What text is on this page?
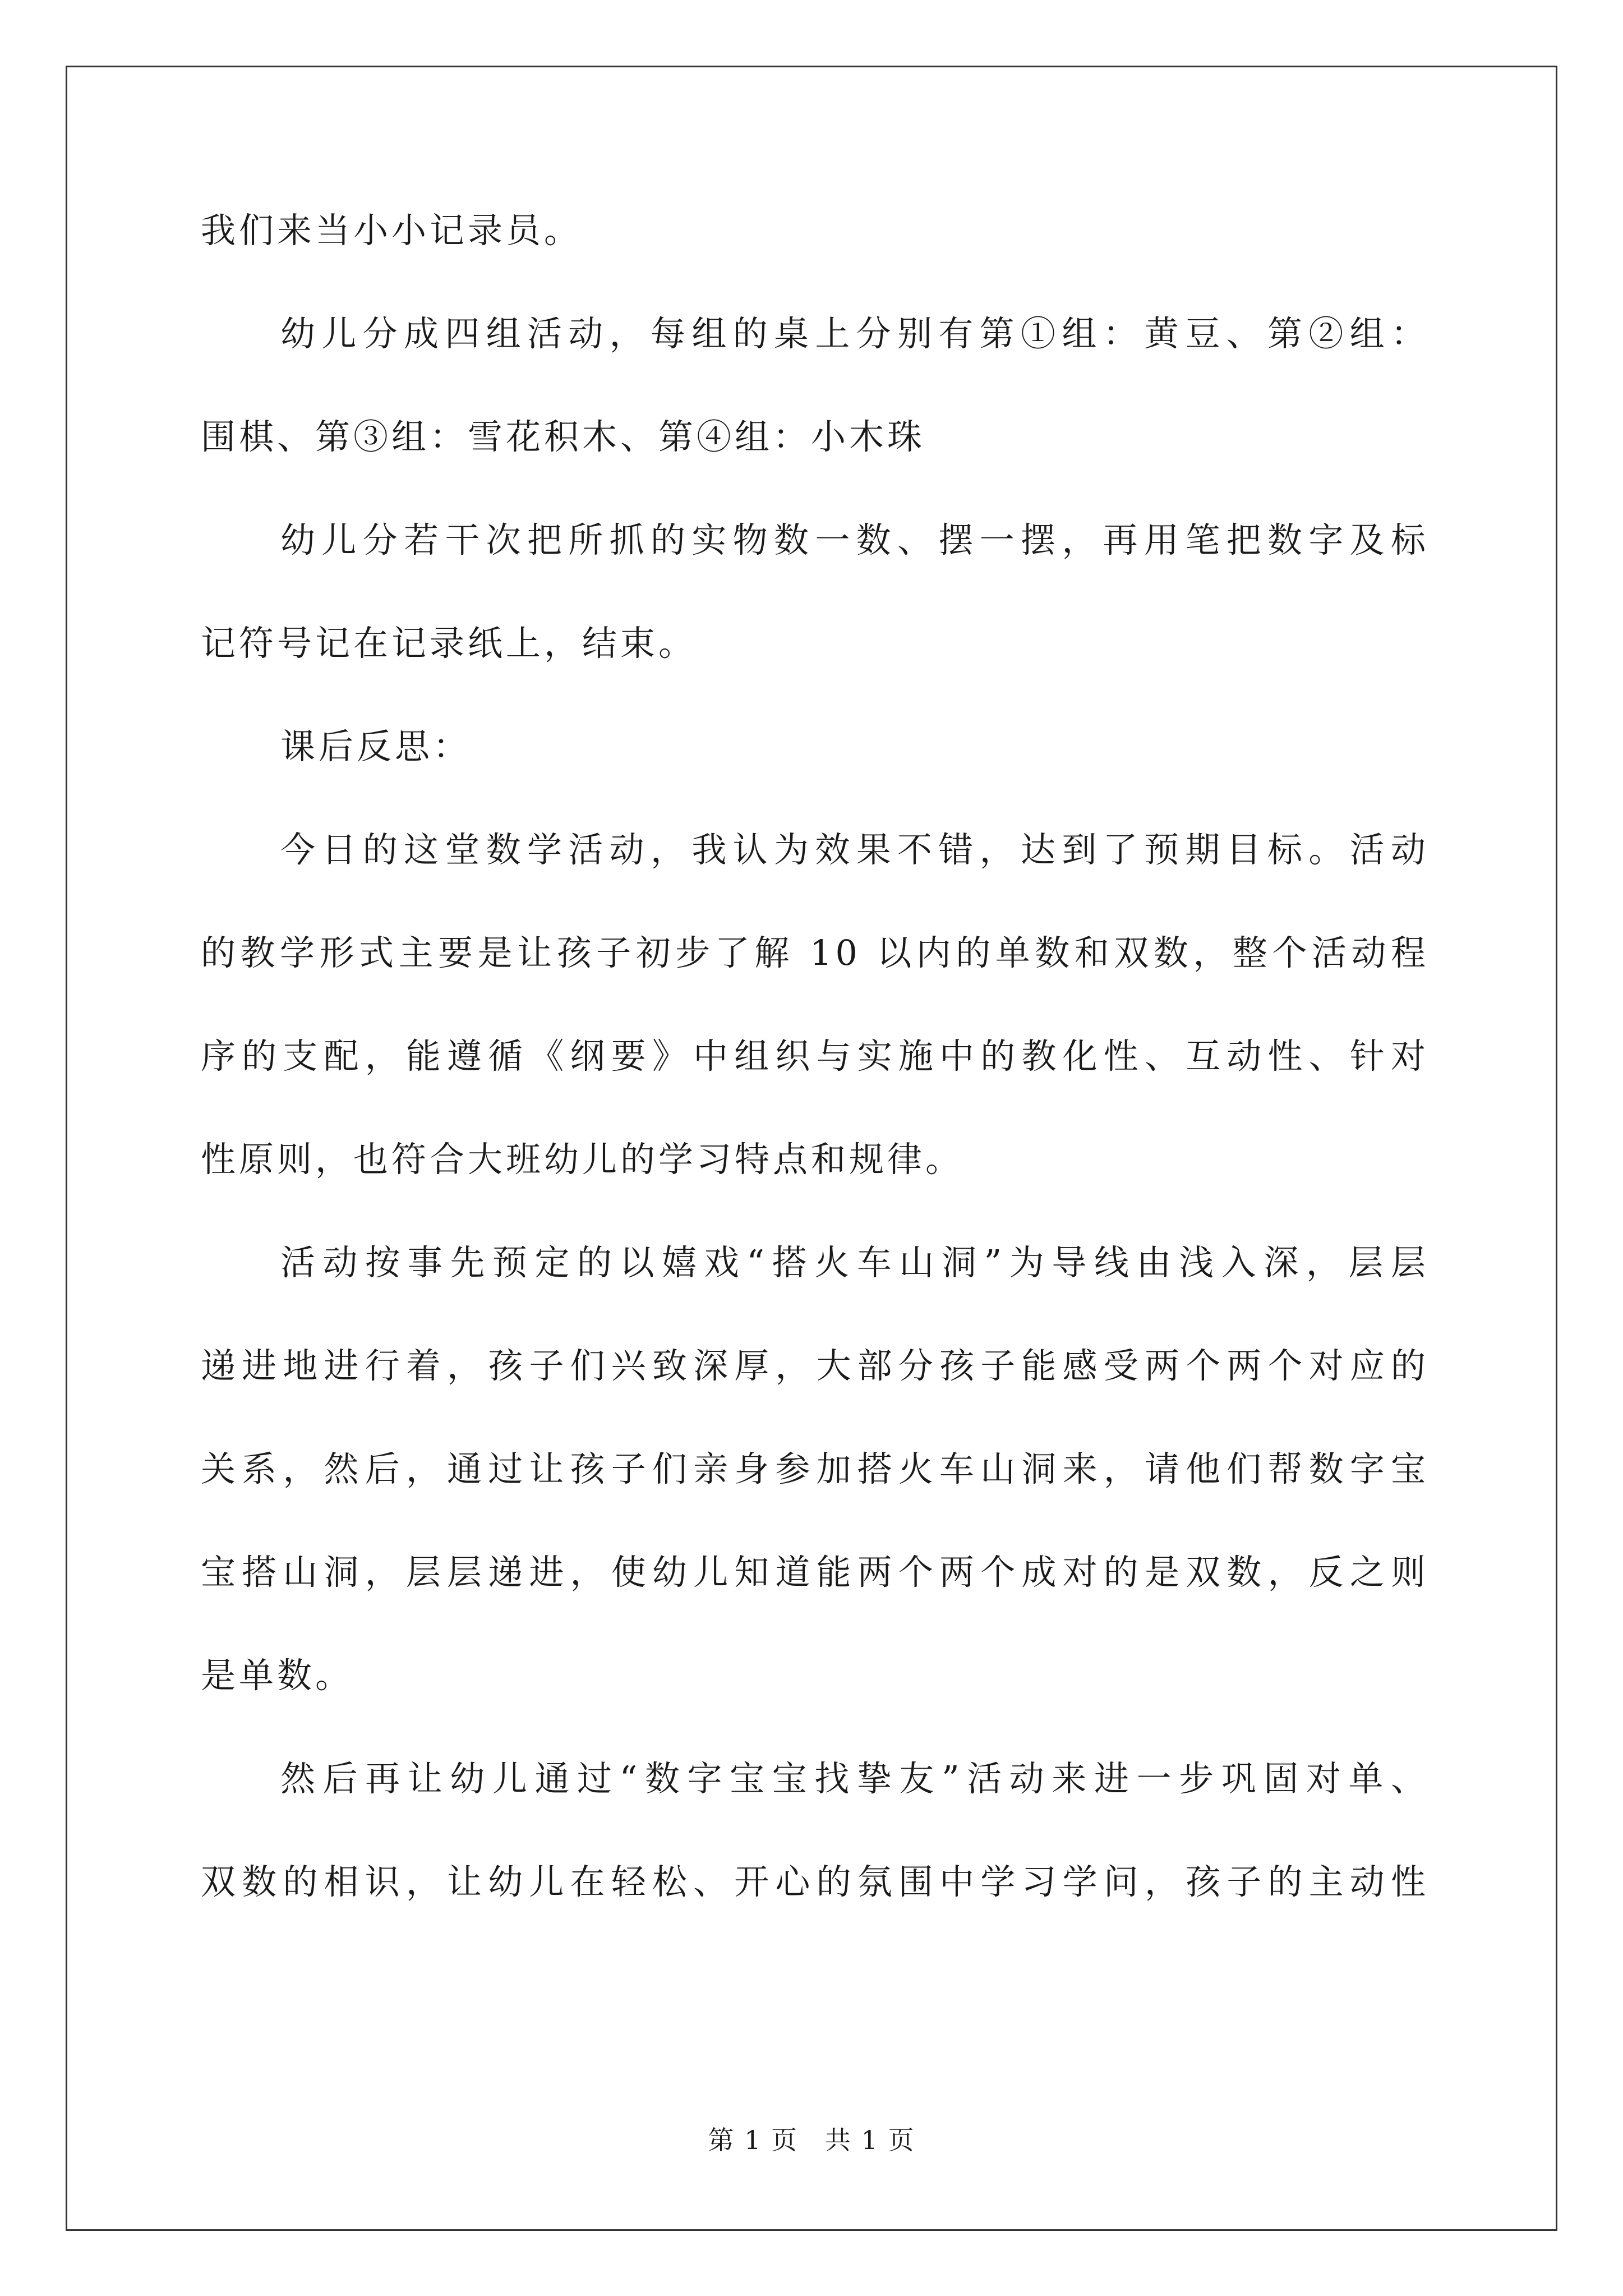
我们来当小小记录员。
幼儿分成四组活动，每组的桌上分别有第①组：黄豆、第②组：
围棋、第③组：雪花积木、第④组：小木珠
幼儿分若干次把所抓的实物数一数、摆一摆，再用笔把数字及标
记符号记在记录纸上，结束。
课后反思：
今日的这堂数学活动，我认为效果不错，达到了预期目标。活动
的教学形式主要是让孩子初步了解 10 以内的单数和双数，整个活动程
序的支配，能遵循《纲要》中组织与实施中的教化性、互动性、针对
性原则，也符合大班幼儿的学习特点和规律。
活动按事先预定的以嬉戏“搭火车山洞”为导线由浅入深，层层
递进地进行着，孩子们兴致深厚，大部分孩子能感受两个两个对应的
关系，然后，通过让孩子们亲身参加搭火车山洞来，请他们帮数字宝
宝搭山洞，层层递进，使幼儿知道能两个两个成对的是双数，反之则
是单数。
然后再让幼儿通过“数字宝宝找挚友”活动来进一步巩固对单、
双数的相识，让幼儿在轻松、开心的氛围中学习学问，孩子的主动性
第 1 页　共 1 页
